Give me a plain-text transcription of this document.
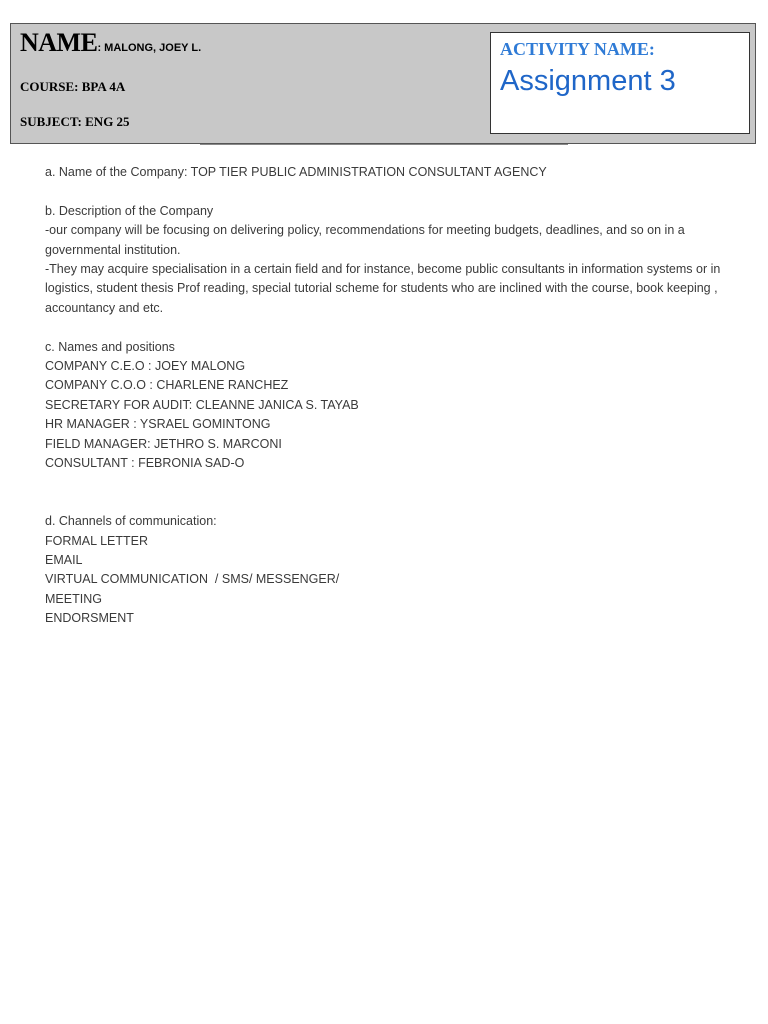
NAME: MALONG, JOEY L.
COURSE: BPA 4A
SUBJECT: ENG 25
ACTIVITY NAME:
Assignment 3

a. Name of the Company: TOP TIER PUBLIC ADMINISTRATION CONSULTANT AGENCY

b. Description of the Company

-our company will be focusing on delivering policy, recommendations for meeting budgets, deadlines, and so on in a governmental institution.

-They may acquire specialisation in a certain field and for instance, become public consultants in information systems or in logistics, student thesis Prof reading, special tutorial scheme for students who are inclined with the course, book keeping , accountancy and etc.

c. Names and positions

COMPANY C.E.O : JOEY MALONG

COMPANY C.O.O : CHARLENE RANCHEZ

SECRETARY FOR AUDIT: CLEANNE JANICA S. TAYAB

HR MANAGER : YSRAEL GOMINTONG

FIELD MANAGER: JETHRO S. MARCONI

CONSULTANT : FEBRONIA SAD-O

d. Channels of communication:

FORMAL LETTER

EMAIL

VIRTUAL COMMUNICATION  / SMS/ MESSENGER/

MEETING

ENDORSMENT
